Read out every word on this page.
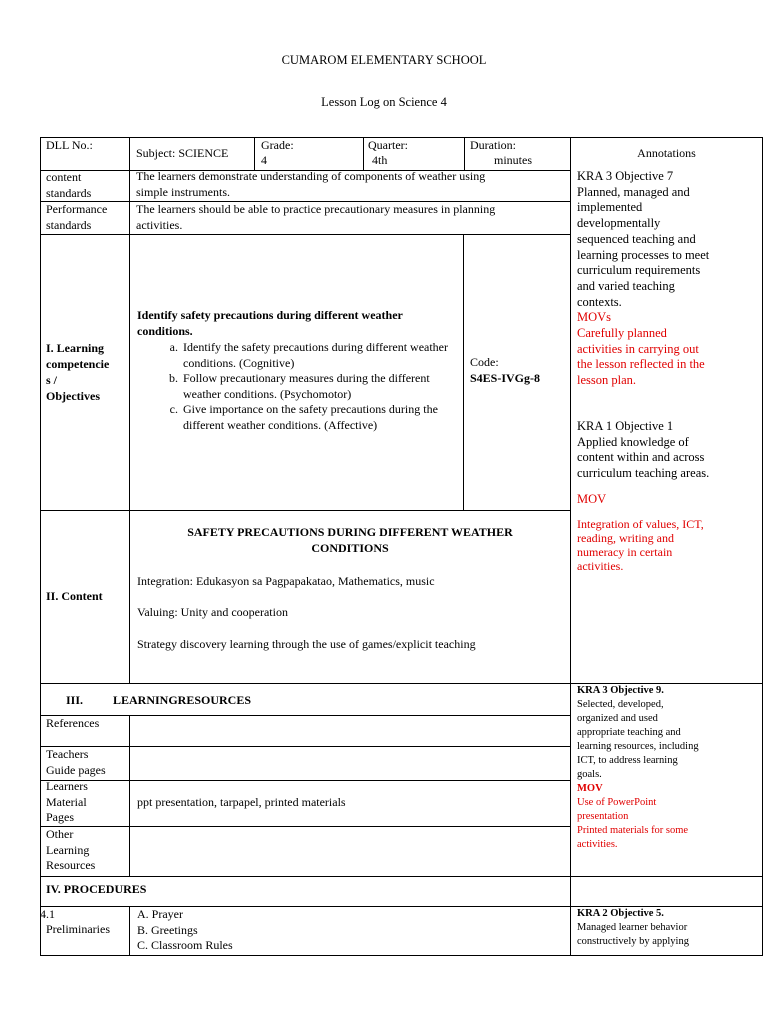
CUMAROM ELEMENTARY SCHOOL
Lesson Log on Science 4
DLL No.:
Subject: SCIENCE
Grade:
4
Quarter:
4th
Duration:
minutes	Annotations
content
standards
The learners demonstrate understanding of components of weather using
simple instruments.
Performance
standards
The learners should be able to practice precautionary measures in planning
activities.
I. Learning
competencie
s /
Objectives
Identify safety precautions during different weather
conditions.
a. Identify the safety precautions during different weather conditions. (Cognitive)
b. Follow precautionary measures during the different weather conditions. (Psychomotor)
c. Give importance on the safety precautions during the different weather conditions. (Affective)
Code:
S4ES-IVGg-8
II. Content
SAFETY PRECAUTIONS DURING DIFFERENT WEATHER
CONDITIONS
Integration: Edukasyon sa Pagpapakatao, Mathematics, music
Valuing: Unity and cooperation
Strategy discovery learning through the use of games/explicit teaching
III. LEARNINGRESOURCES
References
Teachers
Guide pages
Learners
Material
Pages
ppt presentation, tarpapel, printed materials
Other
Learning
Resources
IV. PROCEDURES
4.1
Preliminaries
A. Prayer
B. Greetings
C. Classroom Rules
KRA 3 Objective 7
Planned, managed and
implemented
developmentally
sequenced teaching and
learning processes to meet
curriculum requirements
and varied teaching
contexts.
MOVs
Carefully planned
activities in carrying out
the lesson reflected in the
lesson plan.
KRA 1 Objective 1
Applied knowledge of
content within and across
curriculum teaching areas.
MOV
Integration of values, ICT,
reading, writing and
numeracy in certain
activities.
KRA 3 Objective 9.
Selected, developed,
organized and used
appropriate teaching and
learning resources, including
ICT, to address learning
goals.
MOV
Use of PowerPoint
presentation
Printed materials for some
activities.
KRA 2 Objective 5.
Managed learner behavior
constructively by applying
